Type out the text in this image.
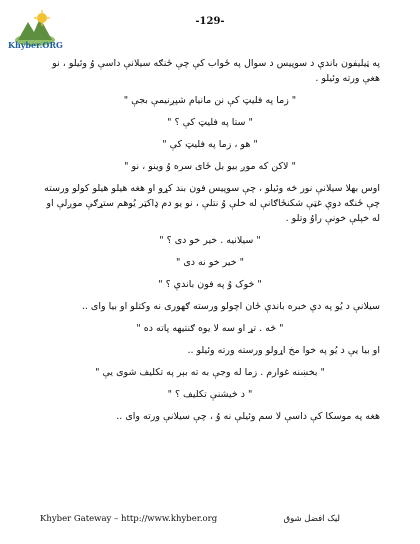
Khyber.ORG
-129-

په ټیلیفون باندې د سوپیس د سوال په ځواب کې چې ځنګه سیلانې داسې وُ وئیلو ، نو هغې ورته وئیلو .

" زما په فلیټ کې نن مانیام شپږنیمې بجې "

" ستا په فلیټ کې ؟ "

" هو ، زما په فلیټ کې "

" لاکن که موږ بیو بل ځای سره وُ وینو ، نو "

اوس بهلا سیلانې نور څه وئیلو ، چې سوپیس فون بند کړو او هغه هیلو هیلو کولو ورسته چې ځنګه دوې غټې شکنځاګانې له خلې وُ نتلې ، نو یو دم ډاکټر یُوهم ستړګې موږلې او له خپلې خونې راوُ وتلو .

" سیلانیه . خیر خو دی ؟ "

" خیر خو نه دی "

" څوک وُ په فون باندې ؟ "

سیلانې د یُو په دې خبره باندې ځان اچولو ورسته ګهوری نه وکتلو او بیا وای ..

" څه . تړ او سه لا یوه ګنتیهه پاته ده "

او بیا یې د یُو په خوا مخ اړولو ورسته ورته وئیلو ..

" بخښنه غوارم . زما له وجې به ته بېر په تکلیف شوی یې "

" د څیشنې تکلیف ؟ "

هغه په موسکا کې داسې لا سم وئیلې نه وُ ، چې سیلانې ورته وای ..

Khyber Gateway – http://www.khyber.org	لیک افضل شوق
